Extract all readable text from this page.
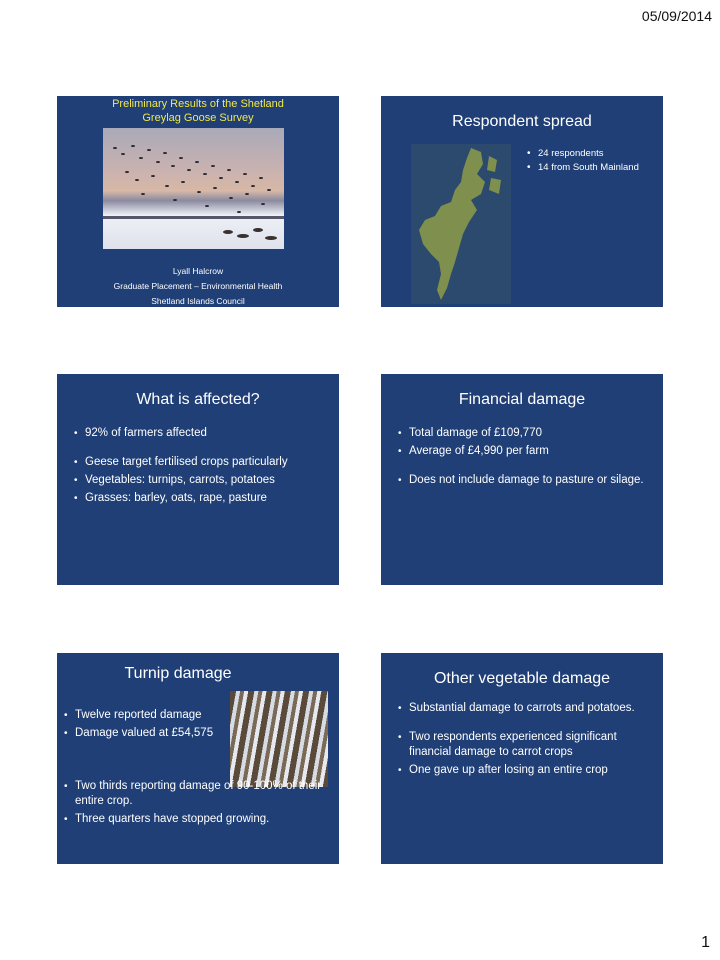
05/09/2014
Preliminary Results of the Shetland
Greylag Goose Survey
Lyall Halcrow
Graduate Placement – Environmental Health
Shetland Islands Council
Respondent spread
• 24 respondents
• 14 from South Mainland
What is affected?
• 92% of farmers affected
• Geese target fertilised crops particularly
• Vegetables: turnips, carrots, potatoes
• Grasses: barley, oats, rape, pasture
Financial damage
• Total damage of £109,770
• Average of £4,990 per farm
• Does not include damage to pasture or silage.
Turnip damage
• Twelve reported damage
• Damage valued at £54,575
• Two thirds reporting damage of 90-100% of their entire crop.
• Three quarters have stopped growing.
Other vegetable damage
• Substantial damage to carrots and potatoes.
• Two respondents experienced significant financial damage to carrot crops
• One gave up after losing an entire crop
1
